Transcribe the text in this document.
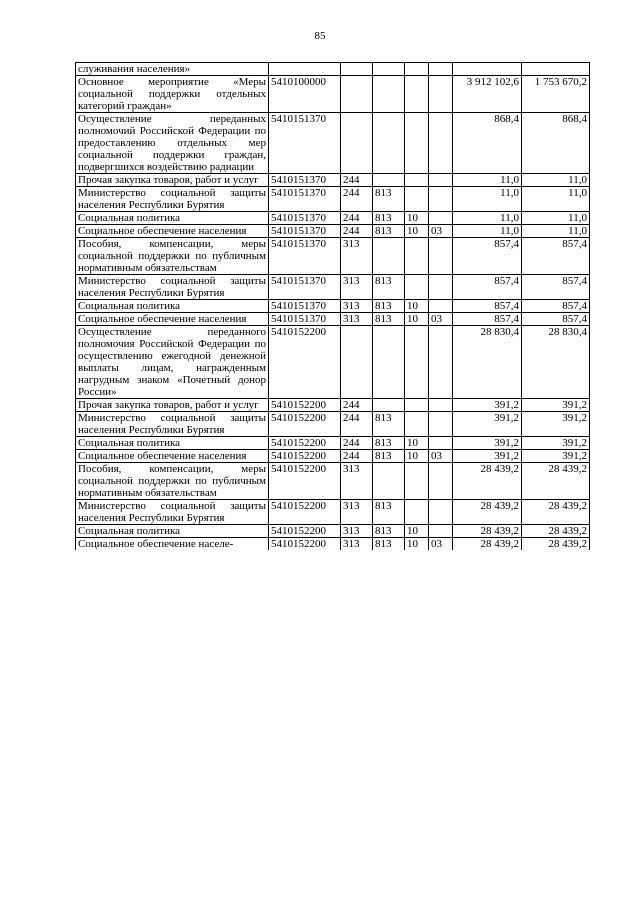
85
служивания населения»							
Основное мероприятие «Меры социальной поддержки отдельных категорий граждан»	5410100000					3 912 102,6	1 753 670,2
Осуществление переданных полномочий Российской Федерации по предоставлению отдельных мер социальной поддержки граждан, подвергшихся воздействию радиации	5410151370					868,4	868,4
Прочая закупка товаров, работ и услуг	5410151370	244				11,0	11,0
Министерство социальной защиты населения Республики Бурятия	5410151370	244	813			11,0	11,0
Социальная политика	5410151370	244	813	10		11,0	11,0
Социальное обеспечение населения	5410151370	244	813	10	03	11,0	11,0
Пособия, компенсации, меры социальной поддержки по публичным нормативным обязательствам	5410151370	313				857,4	857,4
Министерство социальной защиты населения Республики Бурятия	5410151370	313	813			857,4	857,4
Социальная политика	5410151370	313	813	10		857,4	857,4
Социальное обеспечение населения	5410151370	313	813	10	03	857,4	857,4
Осуществление переданного полномочия Российской Федерации по осуществлению ежегодной денежной выплаты лицам, награжденным нагрудным знаком «Почетный донор России»	5410152200					28 830,4	28 830,4
Прочая закупка товаров, работ и услуг	5410152200	244				391,2	391,2
Министерство социальной защиты населения Республики Бурятия	5410152200	244	813			391,2	391,2
Социальная политика	5410152200	244	813	10		391,2	391,2
Социальное обеспечение населения	5410152200	244	813	10	03	391,2	391,2
Пособия, компенсации, меры социальной поддержки по публичным нормативным обязательствам	5410152200	313				28 439,2	28 439,2
Министерство социальной защиты населения Республики Бурятия	5410152200	313	813			28 439,2	28 439,2
Социальная политика	5410152200	313	813	10		28 439,2	28 439,2
Социальное обеспечение населе-	5410152200	313	813	10	03	28 439,2	28 439,2
